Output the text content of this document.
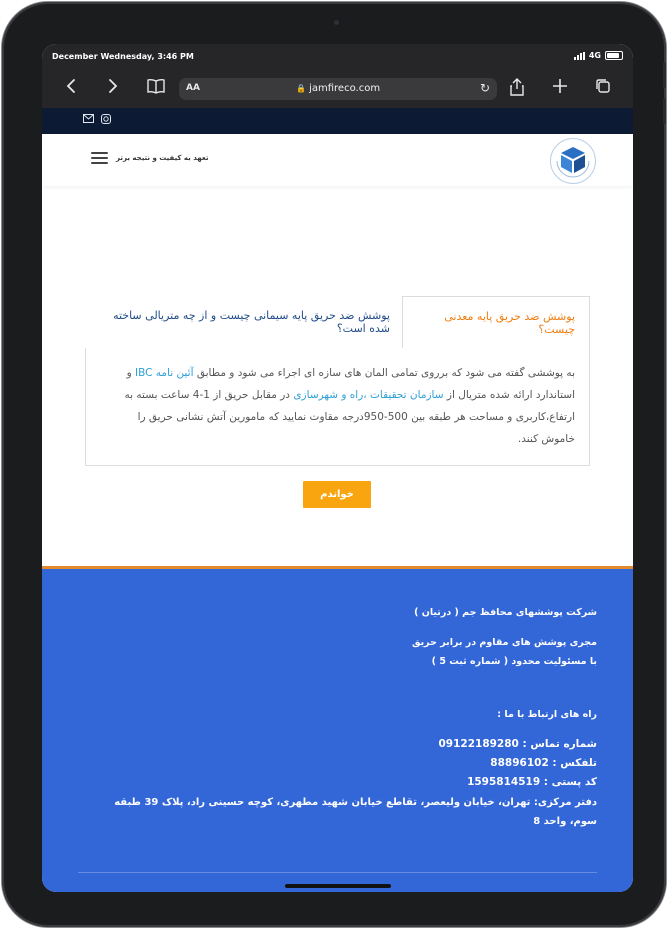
December Wednesday, 3:46 PM	4G
AA	🔒 jamfireco.com	↻
تعهد به کیفیت و نتیجه برتر
پوشش ضد حریق پایه سیمانی چیست و از چه متریالی ساخته شده است؟
پوشش ضد حریق پایه معدنی چیست؟

به پوششی گفته می شود که برروی تمامی المان های سازه ای اجراء می شود و مطابق آئین نامه IBC و استاندارد ارائه شده متریال از سازمان تحقیقات ،راه و شهرسازی در مقابل حریق از 1-4 ساعت بسته به ارتفاع،کاربری و مساحت هر طبقه بین 500-950درجه مقاوت نمایید که مامورین آتش نشانی حریق را خاموش کنند.

خواندم
شرکت پوششهای محافظ جم ( درتیان )
مجری پوشش های مقاوم در برابر حریق
با مسئولیت محدود ( شماره ثبت 5 )
راه های ارتباط با ما :
شماره تماس : 09122189280
تلفکس : 88896102
کد پستی : 1595814519
دفتر مرکزی: تهران، خیابان ولیعصر، تقاطع خیابان شهید مطهری، کوچه حسینی راد، پلاک 39 طبقه سوم، واحد 8
